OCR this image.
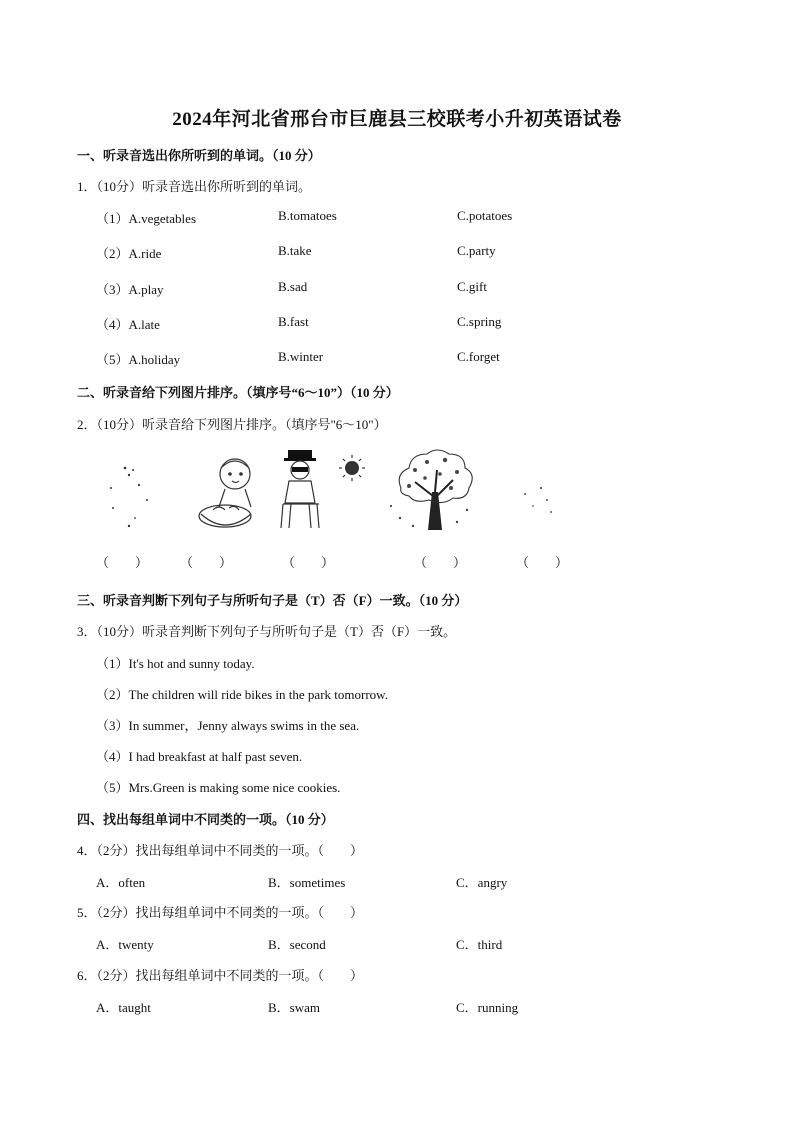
2024年河北省邢台市巨鹿县三校联考小升初英语试卷
一、听录音选出你所听到的单词。（10 分）
1．（10分）听录音选出你所听到的单词。
（1）A.vegetables	B.tomatoes	C.potatoes
（2）A.ride	B.take	C.party
（3）A.play	B.sad	C.gift
（4）A.late	B.fast	C.spring
（5）A.holiday	B.winter	C.forget
二、听录音给下列图片排序。（填序号“6～10”）（10 分）
2．（10分）听录音给下列图片排序。（填序号"6～10"）
（　　） （　　）	（　　）	（　　）	（　　）
三、听录音判断下列句子与所听句子是（T）否（F）一致。（10 分）
3．（10分）听录音判断下列句子与所听句子是（T）否（F）一致。
（1）It's hot and sunny today.
（2）The children will ride bikes in the park tomorrow.
（3）In summer，Jenny always swims in the sea.
（4）I had breakfast at half past seven.
（5）Mrs.Green is making some nice cookies.
四、找出每组单词中不同类的一项。（10 分）
4．（2分）找出每组单词中不同类的一项。（　　）
A．often	B．sometimes	C．angry
5．（2分）找出每组单词中不同类的一项。（　　）
A．twenty	B．second	C．third
6．（2分）找出每组单词中不同类的一项。（　　）
A．taught	B．swam	C．running
